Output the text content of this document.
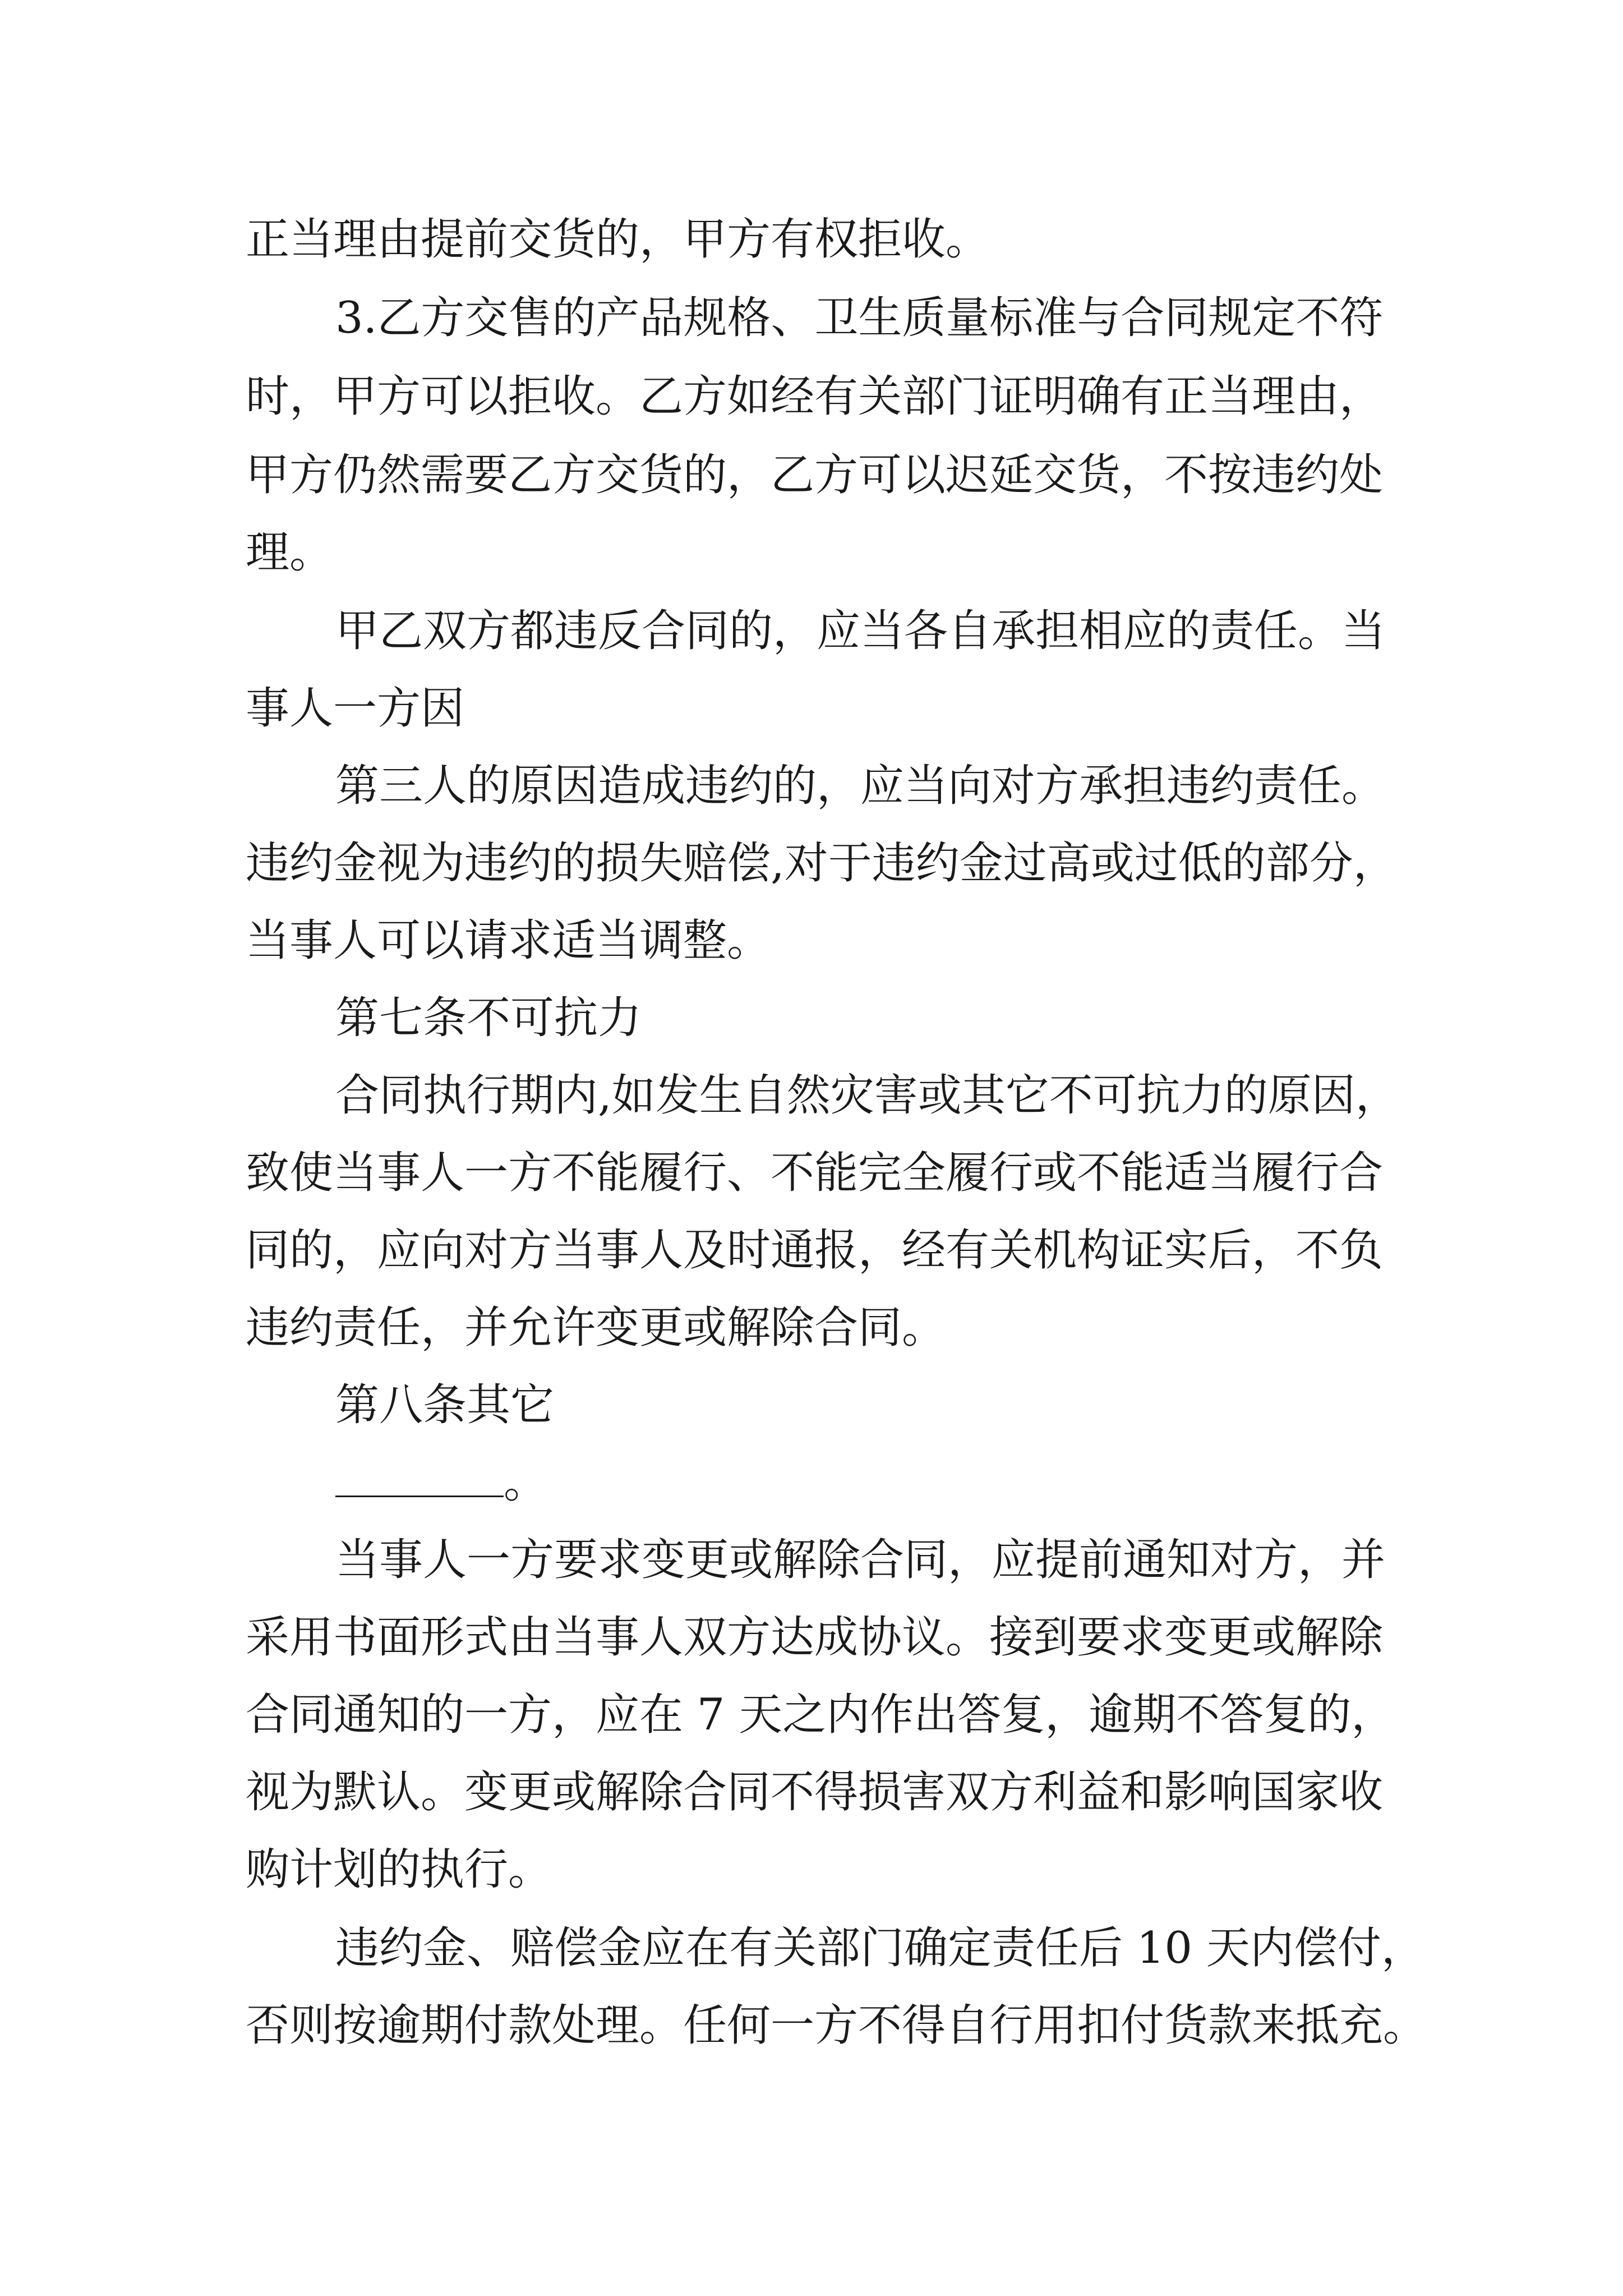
正当理由提前交货的，甲方有权拒收。
3.乙方交售的产品规格、卫生质量标准与合同规定不符
时，甲方可以拒收。乙方如经有关部门证明确有正当理由，
甲方仍然需要乙方交货的，乙方可以迟延交货，不按违约处
理。
甲乙双方都违反合同的，应当各自承担相应的责任。当
事人一方因
第三人的原因造成违约的，应当向对方承担违约责任。
违约金视为违约的损失赔偿,对于违约金过高或过低的部分，
当事人可以请求适当调整。
第七条不可抗力
合同执行期内,如发生自然灾害或其它不可抗力的原因，
致使当事人一方不能履行、不能完全履行或不能适当履行合
同的，应向对方当事人及时通报，经有关机构证实后，不负
违约责任，并允许变更或解除合同。
第八条其它
。
当事人一方要求变更或解除合同，应提前通知对方，并
采用书面形式由当事人双方达成协议。接到要求变更或解除
合同通知的一方，应在 7 天之内作出答复，逾期不答复的，
视为默认。变更或解除合同不得损害双方利益和影响国家收
购计划的执行。
违约金、赔偿金应在有关部门确定责任后 10 天内偿付，
否则按逾期付款处理。任何一方不得自行用扣付货款来抵充。
